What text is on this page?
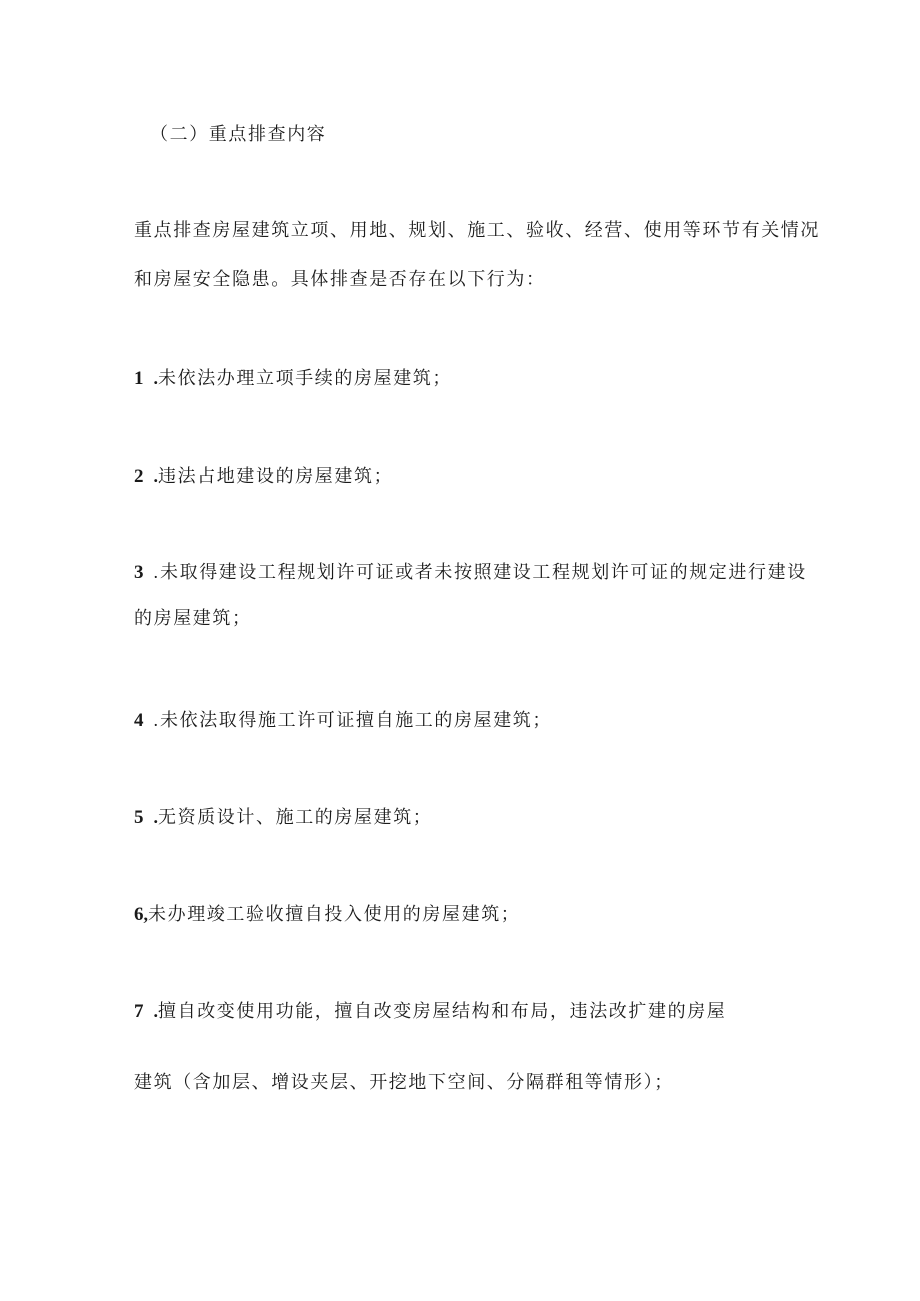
（二）重点排查内容
重点排查房屋建筑立项、用地、规划、施工、验收、经营、使用等环节有关情况
和房屋安全隐患。具体排查是否存在以下行为：
1 .未依法办理立项手续的房屋建筑；
2 .违法占地建设的房屋建筑；
3 . 未取得建设工程规划许可证或者未按照建设工程规划许可证的规定进行建设
的房屋建筑；
4 . 未依法取得施工许可证擅自施工的房屋建筑；
5 .无资质设计、施工的房屋建筑；
6,未办理竣工验收擅自投入使用的房屋建筑；
7 .擅自改变使用功能，擅自改变房屋结构和布局，违法改扩建的房屋
建筑（含加层、增设夹层、开挖地下空间、分隔群租等情形）；
